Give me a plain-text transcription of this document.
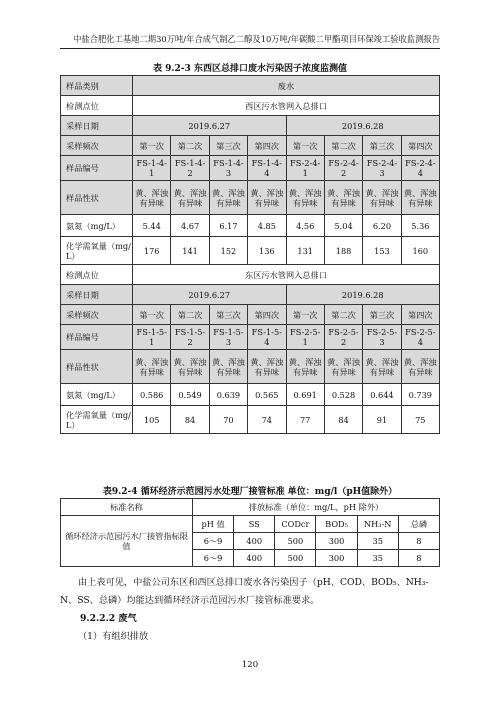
中盐合肥化工基地二期30万吨/年合成气制乙二醇及10万吨/年碳酸二甲酯项目环保竣工验收监测报告
表 9.2-3 东西区总排口废水污染因子浓度监测值
样品类别	废水							
检测点位	西区污水管网入总排口							
采样日期	2019.6.27				2019.6.28			
采样频次	第一次	第二次	第三次	第四次	第一次	第二次	第三次	第四次
样品编号	FS-1-4-1	FS-1-4-2	FS-1-4-3	FS-1-4-4	FS-2-4-1	FS-2-4-2	FS-2-4-3	FS-2-4-4
样品性状	黄、浑浊有异味	黄、浑浊有异味	黄、浑浊有异味	黄、浑浊有异味	黄、浑浊有异味	黄、浑浊有异味	黄、浑浊有异味	黄、浑浊有异味
氨氮（mg/L）	5.44	4.67	6.17	4.85	4.56	5.04	6.20	5.36
化学需氧量（mg/L）	176	141	152	136	131	188	153	160
检测点位	东区污水管网入总排口							
采样日期	2019.6.27				2019.6.28			
采样频次	第一次	第二次	第三次	第四次	第一次	第二次	第三次	第四次
样品编号	FS-1-5-1	FS-1-5-2	FS-1-5-3	FS-1-5-4	FS-2-5-1	FS-2-5-2	FS-2-5-3	FS-2-5-4
样品性状	黄、浑浊有异味	黄、浑浊有异味	黄、浑浊有异味	黄、浑浊有异味	黄、浑浊有异味	黄、浑浊有异味	黄、浑浊有异味	黄、浑浊有异味
氨氮（mg/L）	0.586	0.549	0.639	0.565	0.691	0.528	0.644	0.739
化学需氧量（mg/L）	105	84	70	74	77	84	91	75
表9.2-4 循环经济示范园污水处理厂接管标准 单位：mg/l（pH值除外）
标准名称	排放标准（单位：mg/L，pH 除外）					
循环经济示范园污水厂接管指标限值	pH 值	SS	CODcr	BOD₅	NH₃-N	总磷
	6～9	400	500	300	35	8
	6～9	400	500	300	35	8
由上表可见，中盐公司东区和西区总排口废水各污染因子（pH、COD、BOD₅、NH₃-N、SS、总磷）均能达到循环经济示范园污水厂接管标准要求。
9.2.2.2 废气
（1）有组织排放
120
